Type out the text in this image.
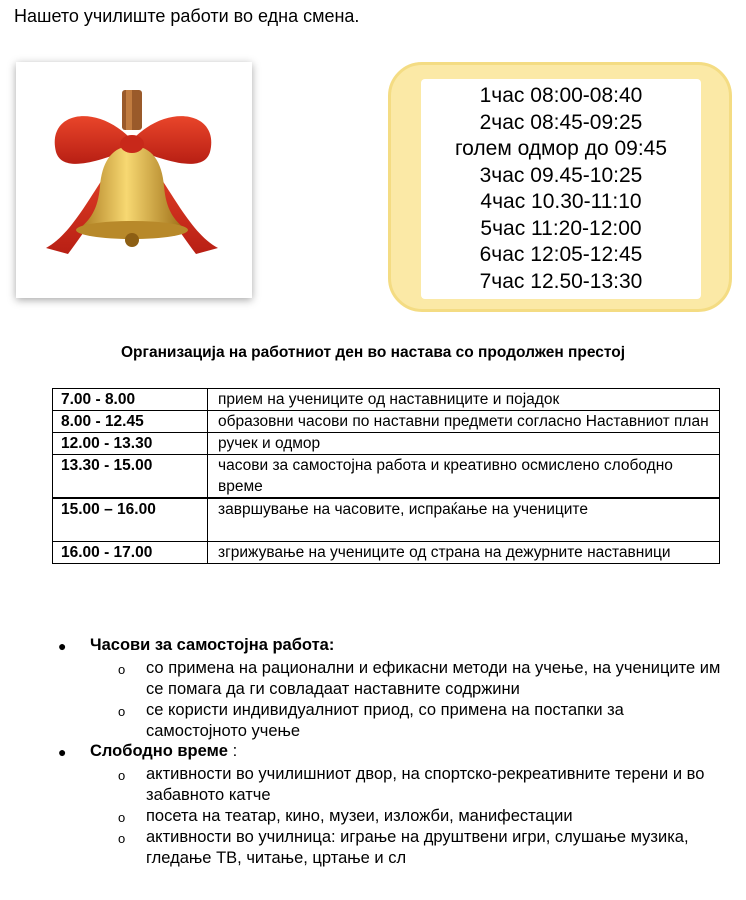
Нашето училиште работи во една смена.
1час 08:00-08:40
2час 08:45-09:25
голем одмор до 09:45
3час 09.45-10:25
4час 10.30-11:10
5час 11:20-12:00
6час 12:05-12:45
7час 12.50-13:30
Организација на работниот ден во настава со продолжен престој
7.00 - 8.00	прием на учениците од наставниците и појадок
8.00 - 12.45	образовни часови по наставни предмети согласно Наставниот план
12.00 - 13.30	ручек и одмор
13.30 - 15.00	часови за самостојна работа и креативно осмислено слободно време
15.00 – 16.00	завршување на часовите, испраќање на учениците
16.00 - 17.00	згрижување на учениците од страна на дежурните наставници
● Часови за самостојна работа:
o со примена на рационални и ефикасни методи на учење, на учениците им се помага да ги совладаат наставните содржини
o се користи индивидуалниот приод, со примена на постапки за самостојното учење
● Слободно време :
o активности во училишниот двор, на спортско-рекреативните терени и во забавното катче
o посета на театар, кино, музеи, изложби, манифестации
o активности во училница: играње на друштвени игри, слушање музика, гледање ТВ, читање, цртање и сл
